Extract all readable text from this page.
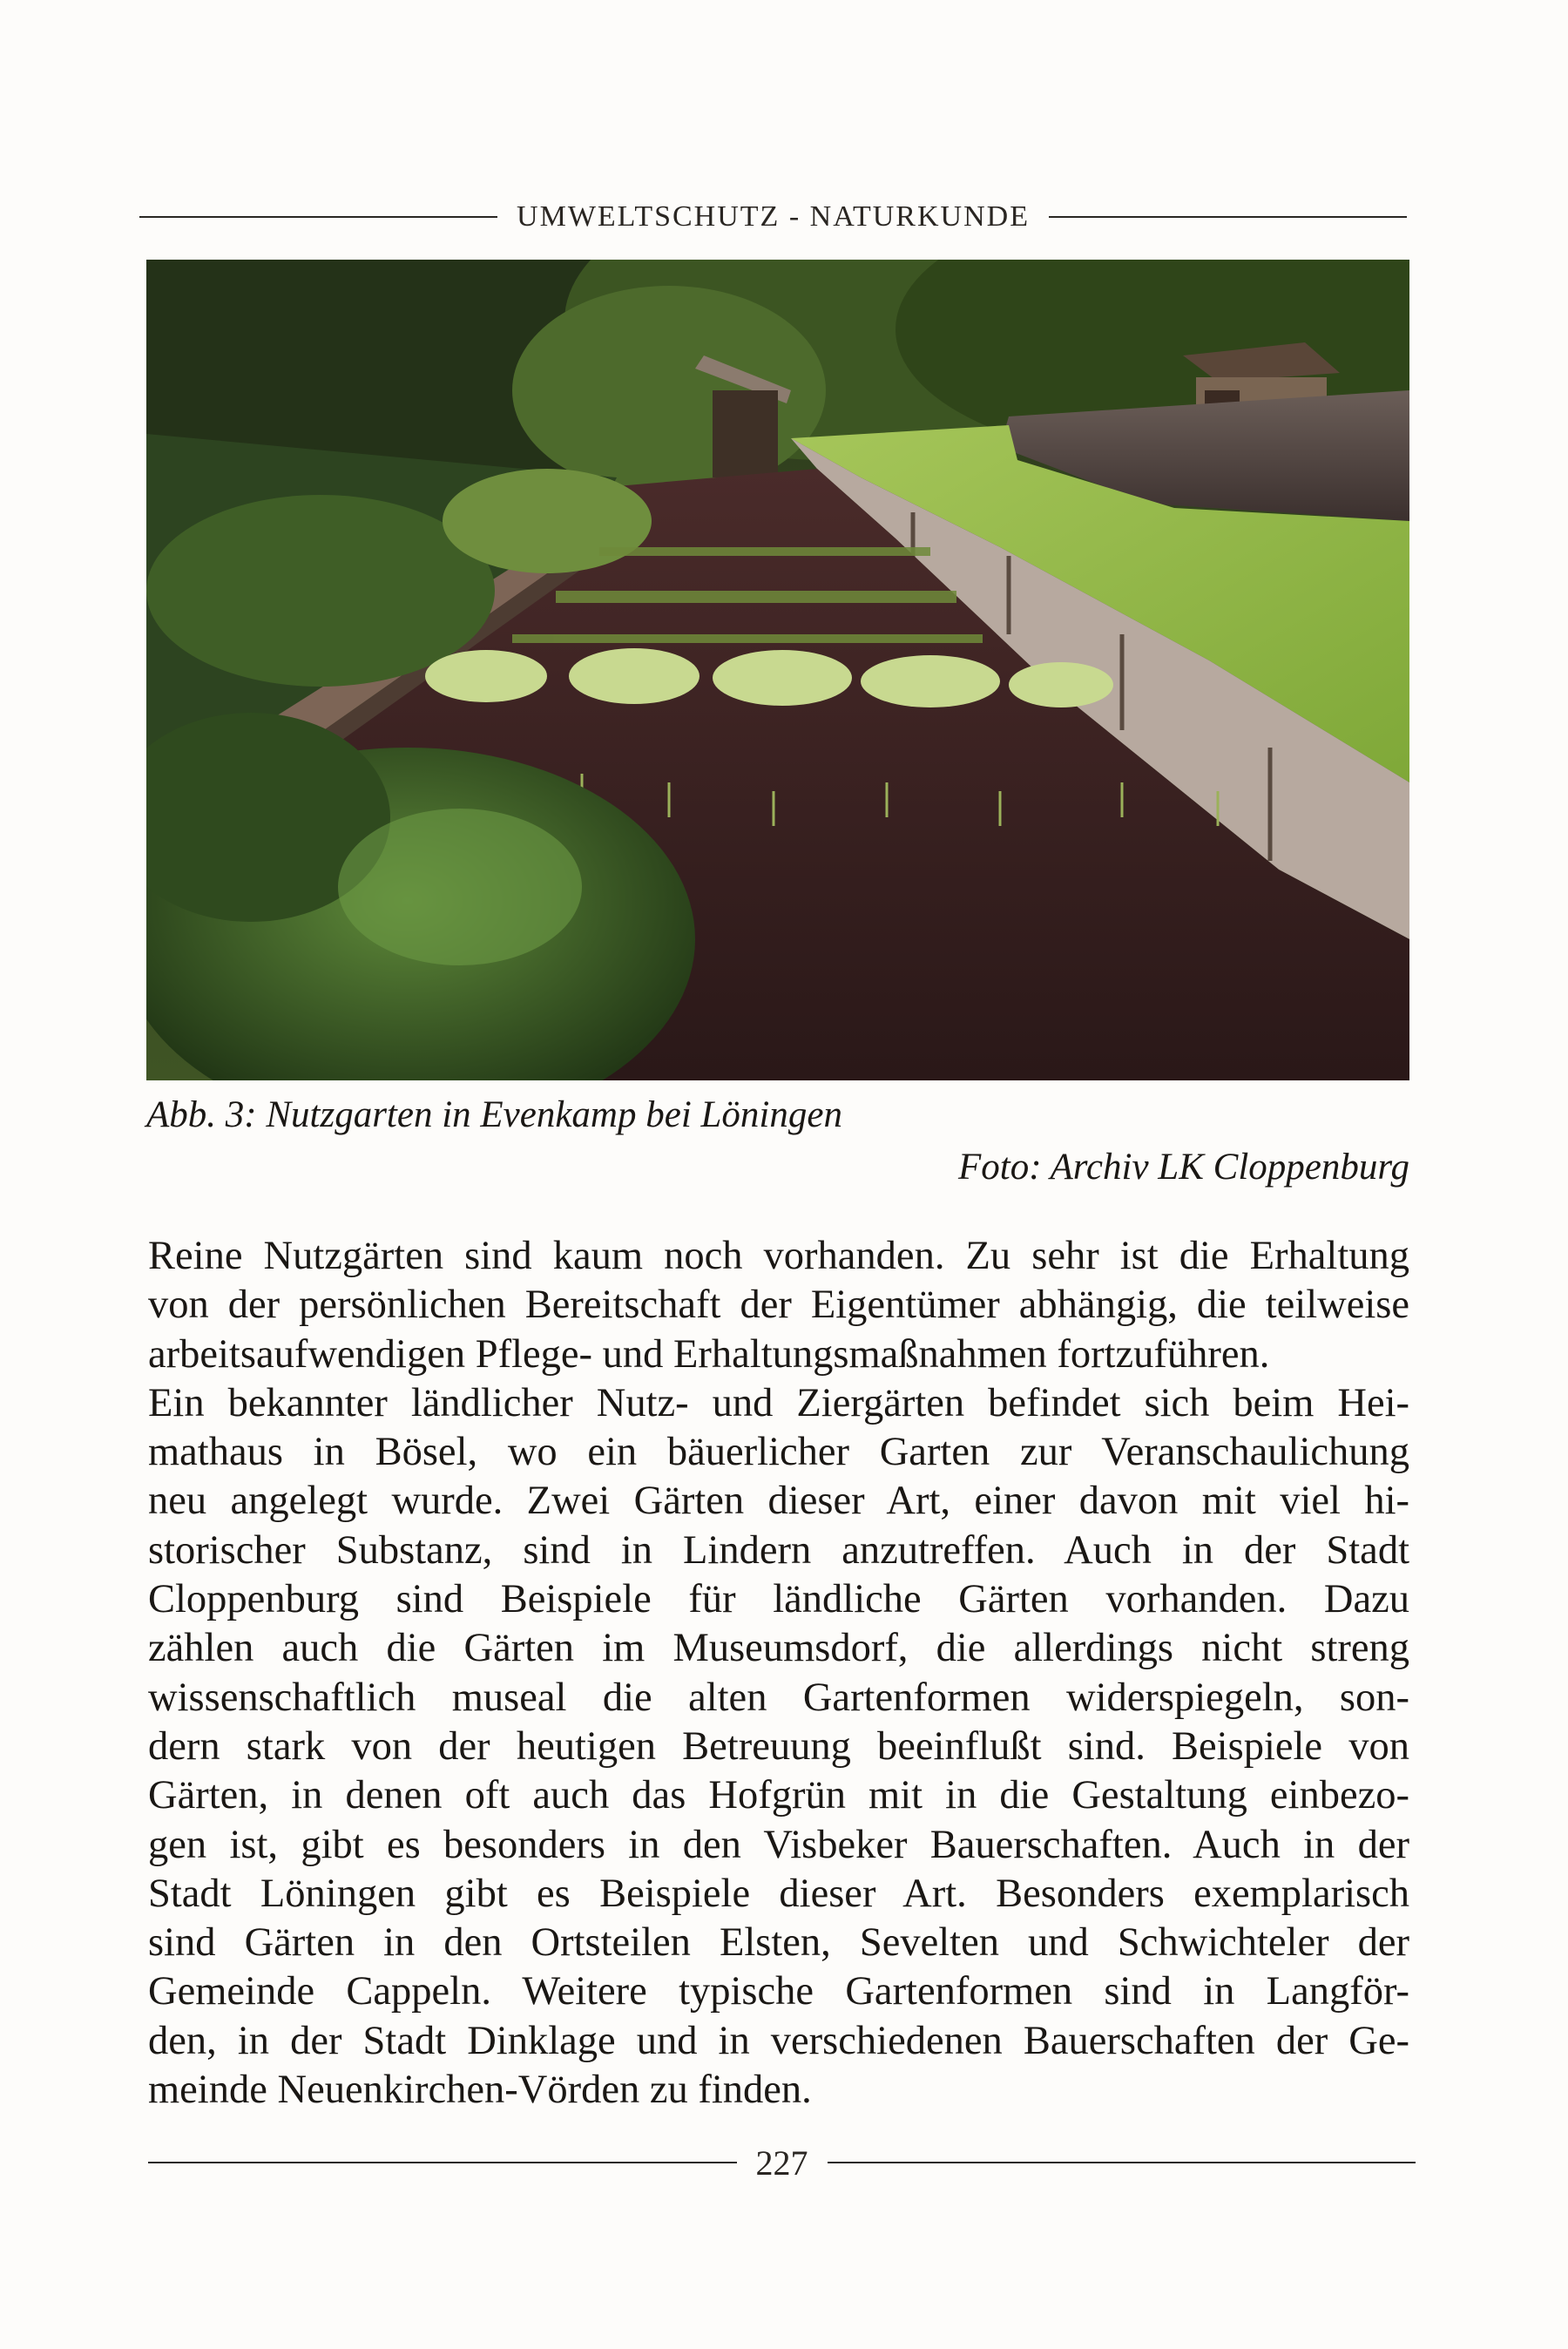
UMWELTSCHUTZ - NATURKUNDE
Abb. 3: Nutzgarten in Evenkamp bei Löningen
Foto: Archiv LK Cloppenburg
Reine Nutzgärten sind kaum noch vorhanden. Zu sehr ist die Erhaltung
von der persönlichen Bereitschaft der Eigentümer abhängig, die teilweise
arbeitsaufwendigen Pflege- und Erhaltungsmaßnahmen fortzuführen.
Ein bekannter ländlicher Nutz- und Ziergärten befindet sich beim Hei-
mathaus in Bösel, wo ein bäuerlicher Garten zur Veranschaulichung
neu angelegt wurde. Zwei Gärten dieser Art, einer davon mit viel hi-
storischer Substanz, sind in Lindern anzutreffen. Auch in der Stadt
Cloppenburg sind Beispiele für ländliche Gärten vorhanden. Dazu
zählen auch die Gärten im Museumsdorf, die allerdings nicht streng
wissenschaftlich museal die alten Gartenformen widerspiegeln, son-
dern stark von der heutigen Betreuung beeinflußt sind. Beispiele von
Gärten, in denen oft auch das Hofgrün mit in die Gestaltung einbezo-
gen ist, gibt es besonders in den Visbeker Bauerschaften. Auch in der
Stadt Löningen gibt es Beispiele dieser Art. Besonders exemplarisch
sind Gärten in den Ortsteilen Elsten, Sevelten und Schwichteler der
Gemeinde Cappeln. Weitere typische Gartenformen sind in Langför-
den, in der Stadt Dinklage und in verschiedenen Bauerschaften der Ge-
meinde Neuenkirchen-Vörden zu finden.
227
